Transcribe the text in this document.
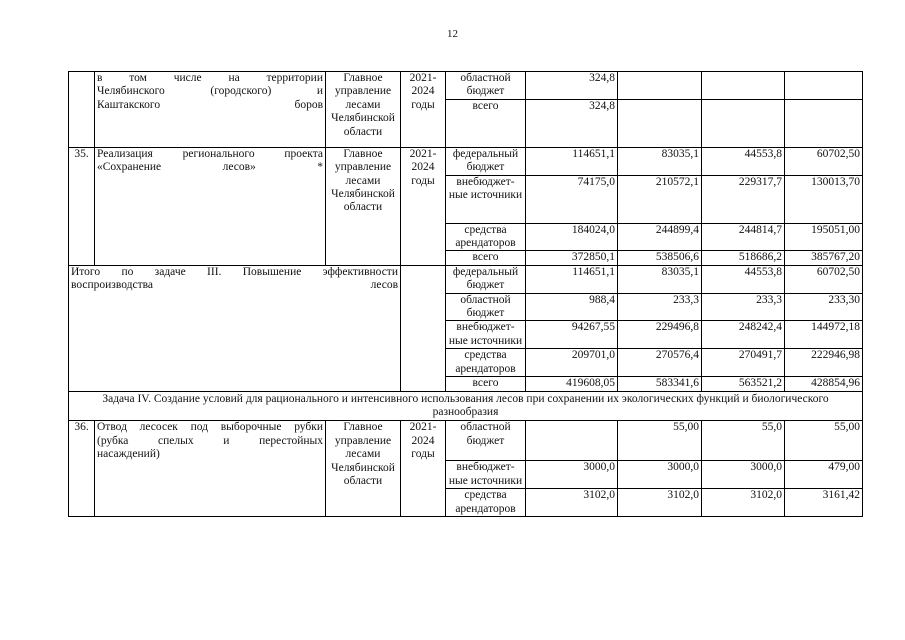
12

	в том числе на территории
Челябинского (городского) и
Каштакского боров	Главное управление лесами Челябинской области	2021-2024 годы	областной бюджет	324,8			
				всего	324,8			
35.	Реализация регионального проекта
«Сохранение лесов» *	Главное управление лесами Челябинской области	2021-2024 годы	федеральный бюджет	114651,1	83035,1	44553,8	60702,50
				внебюджет-ные источники	74175,0	210572,1	229317,7	130013,70
				средства арендаторов	184024,0	244899,4	244814,7	195051,00
				всего	372850,1	538506,6	518686,2	385767,20

Итого по задаче III. Повышение эффективности
воспроизводства лесов				федеральный бюджет	114651,1	83035,1	44553,8	60702,50
				областной бюджет	988,4	233,3	233,3	233,30
				внебюджет-ные источники	94267,55	229496,8	248242,4	144972,18
				средства арендаторов	209701,0	270576,4	270491,7	222946,98
				всего	419608,05	583341,6	563521,2	428854,96
Задача IV. Создание условий для рационального и интенсивного использования лесов при сохранении их экологических функций и биологического разнообразия								
36.	Отвод лесосек под выборочные рубки
(рубка спелых и перестойных
насаждений)	Главное управление лесами Челябинской области	2021-2024 годы	областной бюджет		55,00	55,0	55,00
				внебюджет-ные источники	3000,0	3000,0	3000,0	479,00
				средства арендаторов	3102,0	3102,0	3102,0	3161,42
